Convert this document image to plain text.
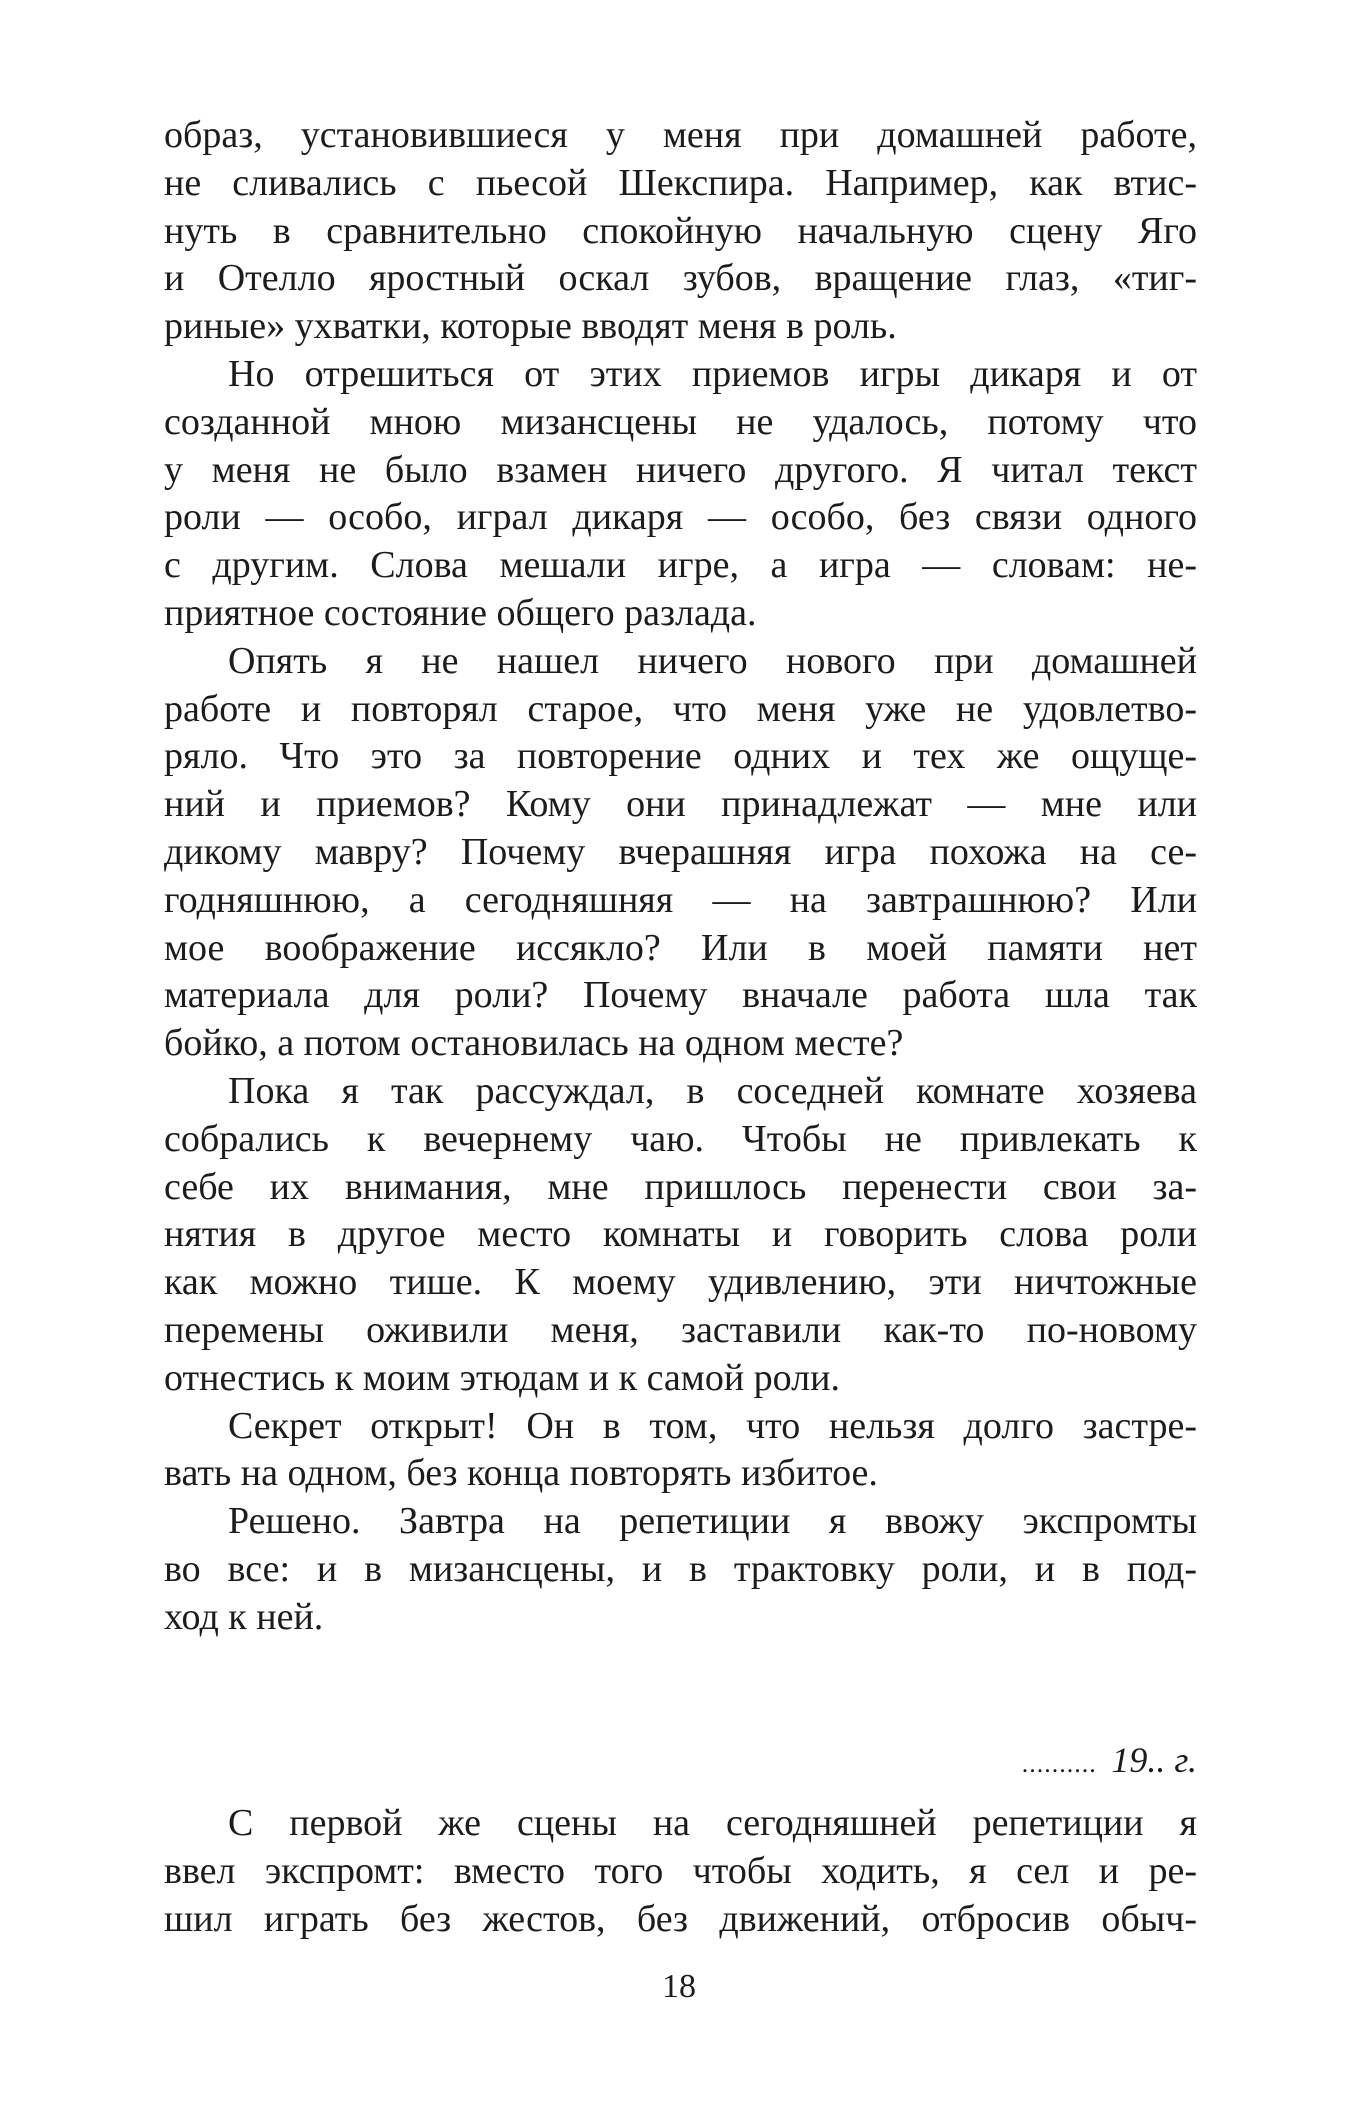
образ, установившиеся у меня при домашней работе,
не сливались с пьесой Шекспира. Например, как втис-
нуть в сравнительно спокойную начальную сцену Яго
и Отелло яростный оскал зубов, вращение глаз, «тиг-
риные» ухватки, которые вводят меня в роль.
Но отрешиться от этих приемов игры дикаря и от
созданной мною мизансцены не удалось, потому что
у меня не было взамен ничего другого. Я читал текст
роли — особо, играл дикаря — особо, без связи одного
с другим. Слова мешали игре, а игра — словам: не-
приятное состояние общего разлада.
Опять я не нашел ничего нового при домашней
работе и повторял старое, что меня уже не удовлетво-
ряло. Что это за повторение одних и тех же ощуще-
ний и приемов? Кому они принадлежат — мне или
дикому мавру? Почему вчерашняя игра похожа на се-
годняшнюю, а сегодняшняя — на завтрашнюю? Или
мое воображение иссякло? Или в моей памяти нет
материала для роли? Почему вначале работа шла так
бойко, а потом остановилась на одном месте?
Пока я так рассуждал, в соседней комнате хозяева
собрались к вечернему чаю. Чтобы не привлекать к
себе их внимания, мне пришлось перенести свои за-
нятия в другое место комнаты и говорить слова роли
как можно тише. К моему удивлению, эти ничтожные
перемены оживили меня, заставили как-то по-новому
отнестись к моим этюдам и к самой роли.
Секрет открыт! Он в том, что нельзя долго застре-
вать на одном, без конца повторять избитое.
Решено. Завтра на репетиции я ввожу экспромты
во все: и в мизансцены, и в трактовку роли, и в под-
ход к ней.
.......... 19.. г.
С первой же сцены на сегодняшней репетиции я
ввел экспромт: вместо того чтобы ходить, я сел и ре-
шил играть без жестов, без движений, отбросив обыч-
18
